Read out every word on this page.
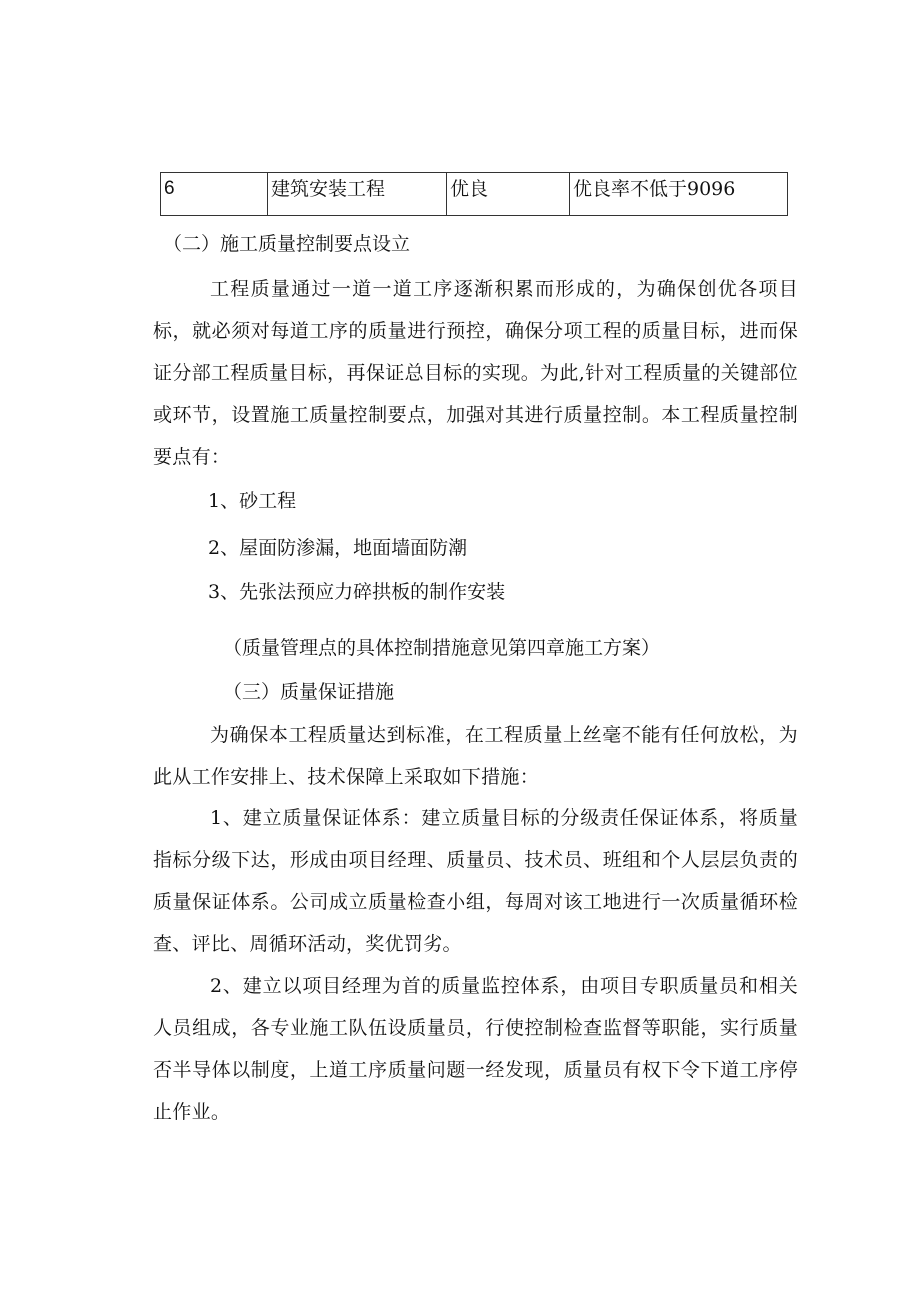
6	建筑安装工程	优良	优良率不低于9096
（二）施工质量控制要点设立
工程质量通过一道一道工序逐渐积累而形成的，为确保创优各项目标，就必须对每道工序的质量进行预控，确保分项工程的质量目标，进而保证分部工程质量目标，再保证总目标的实现。为此,针对工程质量的关键部位或环节，设置施工质量控制要点，加强对其进行质量控制。本工程质量控制要点有：
1、砂工程
2、屋面防渗漏，地面墙面防潮
3、先张法预应力碎拱板的制作安装
（质量管理点的具体控制措施意见第四章施工方案）
（三）质量保证措施
为确保本工程质量达到标准，在工程质量上丝毫不能有任何放松，为此从工作安排上、技术保障上采取如下措施：
1、建立质量保证体系：建立质量目标的分级责任保证体系，将质量指标分级下达，形成由项目经理、质量员、技术员、班组和个人层层负责的质量保证体系。公司成立质量检查小组，每周对该工地进行一次质量循环检查、评比、周循环活动，奖优罚劣。
2、建立以项目经理为首的质量监控体系，由项目专职质量员和相关人员组成，各专业施工队伍设质量员，行使控制检查监督等职能，实行质量否半导体以制度，上道工序质量问题一经发现，质量员有权下令下道工序停止作业。
